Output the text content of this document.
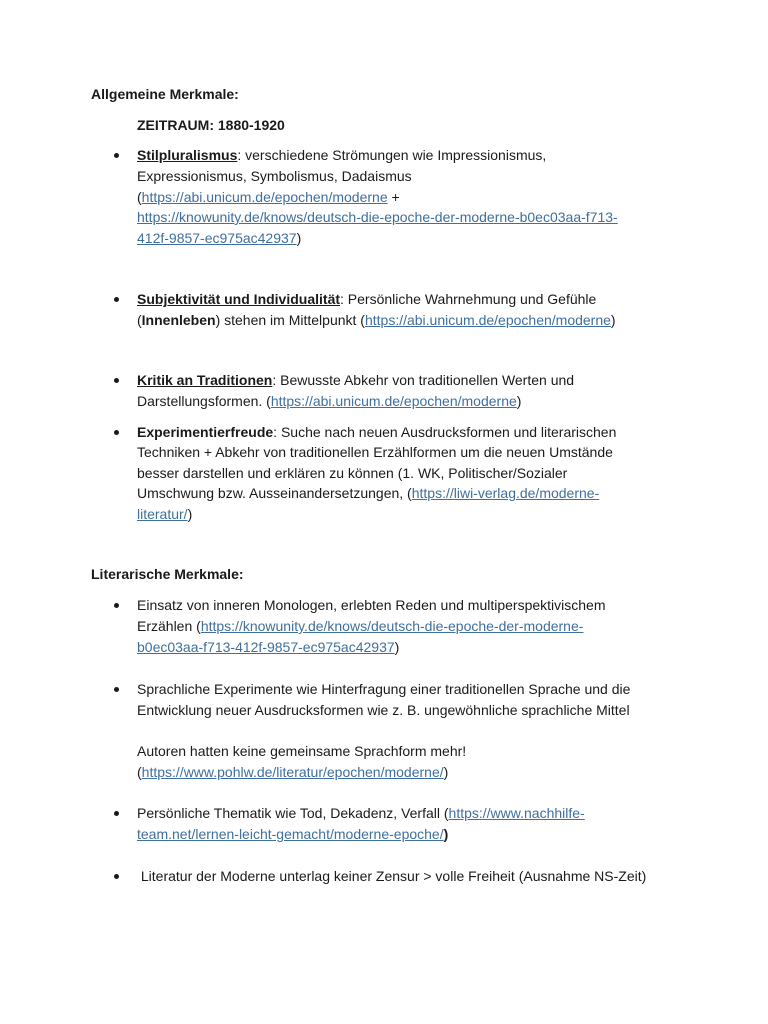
Allgemeine Merkmale:
ZEITRAUM: 1880-1920
Stilpluralismus: verschiedene Strömungen wie Impressionismus,
Expressionismus, Symbolismus, Dadaismus
(https://abi.unicum.de/epochen/moderne +
https://knowunity.de/knows/deutsch-die-epoche-der-moderne-b0ec03aa-f713-
412f-9857-ec975ac42937)
Subjektivität und Individualität: Persönliche Wahrnehmung und Gefühle
(Innenleben) stehen im Mittelpunkt (https://abi.unicum.de/epochen/moderne)
Kritik an Traditionen: Bewusste Abkehr von traditionellen Werten und
Darstellungsformen. (https://abi.unicum.de/epochen/moderne)
Experimentierfreude: Suche nach neuen Ausdrucksformen und literarischen
Techniken + Abkehr von traditionellen Erzählformen um die neuen Umstände
besser darstellen und erklären zu können (1. WK, Politischer/Sozialer
Umschwung bzw. Ausseinandersetzungen, (https://liwi-verlag.de/moderne-
literatur/)
Literarische Merkmale:
Einsatz von inneren Monologen, erlebten Reden und multiperspektivischem
Erzählen (https://knowunity.de/knows/deutsch-die-epoche-der-moderne-
b0ec03aa-f713-412f-9857-ec975ac42937)
Sprachliche Experimente wie Hinterfragung einer traditionellen Sprache und die
Entwicklung neuer Ausdrucksformen wie z. B. ungewöhnliche sprachliche Mittel
Autoren hatten keine gemeinsame Sprachform mehr!
(https://www.pohlw.de/literatur/epochen/moderne/)
Persönliche Thematik wie Tod, Dekadenz, Verfall (https://www.nachhilfe-
team.net/lernen-leicht-gemacht/moderne-epoche/)
Literatur der Moderne unterlag keiner Zensur > volle Freiheit (Ausnahme NS-Zeit)
